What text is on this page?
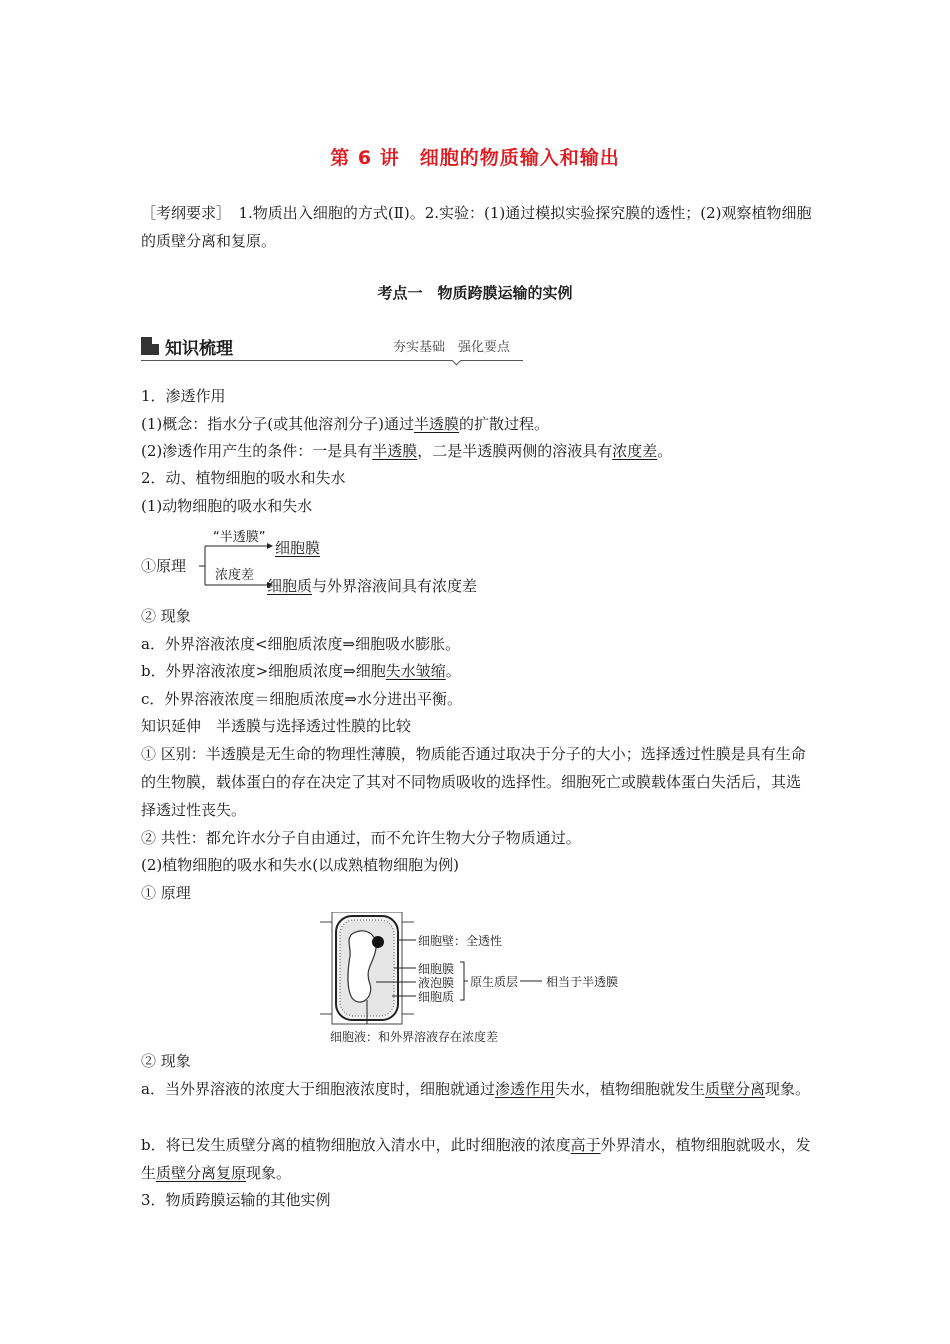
第 6 讲　细胞的物质输入和输出
［考纲要求］　1.物质出入细胞的方式(Ⅱ)。2.实验：(1)通过模拟实验探究膜的透性；(2)观察植物细胞的质壁分离和复原。
考点一　物质跨膜运输的实例
知识梳理	夯实基础　强化要点
1．渗透作用
(1)概念：指水分子(或其他溶剂分子)通过半透膜的扩散过程。
(2)渗透作用产生的条件：一是具有半透膜，二是半透膜两侧的溶液具有浓度差。
2．动、植物细胞的吸水和失水
(1)动物细胞的吸水和失水
①原理
“半透膜”
细胞膜
浓度差
细胞质与外界溶液间具有浓度差
② 现象
a．外界溶液浓度<细胞质浓度⇒细胞吸水膨胀。
b．外界溶液浓度>细胞质浓度⇒细胞失水皱缩。
c．外界溶液浓度＝细胞质浓度⇒水分进出平衡。
知识延伸　半透膜与选择透过性膜的比较
① 区别：半透膜是无生命的物理性薄膜，物质能否通过取决于分子的大小；选择透过性膜是具有生命的生物膜，载体蛋白的存在决定了其对不同物质吸收的选择性。细胞死亡或膜载体蛋白失活后，其选择透过性丧失。
② 共性：都允许水分子自由通过，而不允许生物大分子物质通过。
(2)植物细胞的吸水和失水(以成熟植物细胞为例)
① 原理
细胞壁：全透性
细胞膜
液泡膜
细胞质
原生质层 相当于半透膜
细胞液：和外界溶液存在浓度差
② 现象
a．当外界溶液的浓度大于细胞液浓度时，细胞就通过渗透作用失水，植物细胞就发生质壁分离现象。
b．将已发生质壁分离的植物细胞放入清水中，此时细胞液的浓度高于外界清水，植物细胞就吸水，发生质壁分离复原现象。
3．物质跨膜运输的其他实例
